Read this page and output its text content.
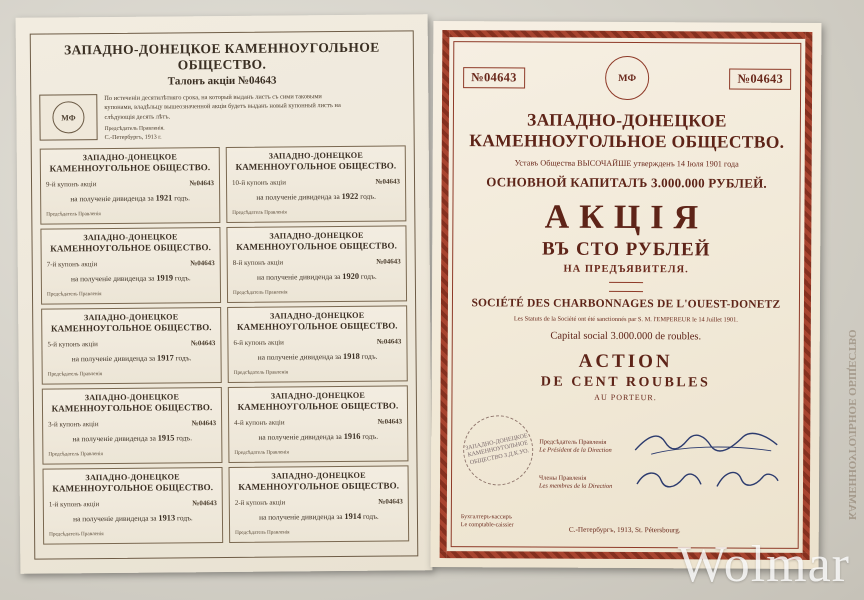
КАМЕННОУГОЛЬНОЕ ОБЩЕСТВО
ЗАПАДНО-ДОНЕЦКОЕ КАМЕННОУГОЛЬНОЕ ОБЩЕСТВО.
Талонъ акціи №04643
МФ
По истеченіи десятилѣтняго срока, на который выданъ листъ съ сими таковыми
купонами, владѣльцу вышеозначенной акціи будетъ выданъ новый купонный листъ на
слѣдующія десять лѣтъ.
Предсѣдатель Правленія.
С.-Петербургъ, 1913 г.
ЗАПАДНО-ДОНЕЦКОЕ
КАМЕННОУГОЛЬНОЕ ОБЩЕСТВО.
9-й купонъ акціи	№04643
на полученіе дивиденда за 1921 годъ.
Предсѣдатель Правленія
ЗАПАДНО-ДОНЕЦКОЕ
КАМЕННОУГОЛЬНОЕ ОБЩЕСТВО.
10-й купонъ акціи	№04643
на полученіе дивиденда за 1922 годъ.
Предсѣдатель Правленія
ЗАПАДНО-ДОНЕЦКОЕ
КАМЕННОУГОЛЬНОЕ ОБЩЕСТВО.
7-й купонъ акціи	№04643
на полученіе дивиденда за 1919 годъ.
Предсѣдатель Правленія
ЗАПАДНО-ДОНЕЦКОЕ
КАМЕННОУГОЛЬНОЕ ОБЩЕСТВО.
8-й купонъ акціи	№04643
на полученіе дивиденда за 1920 годъ.
Предсѣдатель Правленія
ЗАПАДНО-ДОНЕЦКОЕ
КАМЕННОУГОЛЬНОЕ ОБЩЕСТВО.
5-й купонъ акціи	№04643
на полученіе дивиденда за 1917 годъ.
Предсѣдатель Правленія
ЗАПАДНО-ДОНЕЦКОЕ
КАМЕННОУГОЛЬНОЕ ОБЩЕСТВО.
6-й купонъ акціи	№04643
на полученіе дивиденда за 1918 годъ.
Предсѣдатель Правленія
ЗАПАДНО-ДОНЕЦКОЕ
КАМЕННОУГОЛЬНОЕ ОБЩЕСТВО.
3-й купонъ акціи	№04643
на полученіе дивиденда за 1915 годъ.
Предсѣдатель Правленія
ЗАПАДНО-ДОНЕЦКОЕ
КАМЕННОУГОЛЬНОЕ ОБЩЕСТВО.
4-й купонъ акціи	№04643
на полученіе дивиденда за 1916 годъ.
Предсѣдатель Правленія
ЗАПАДНО-ДОНЕЦКОЕ
КАМЕННОУГОЛЬНОЕ ОБЩЕСТВО.
1-й купонъ акціи	№04643
на полученіе дивиденда за 1913 годъ.
Предсѣдатель Правленія
ЗАПАДНО-ДОНЕЦКОЕ
КАМЕННОУГОЛЬНОЕ ОБЩЕСТВО.
2-й купонъ акціи	№04643
на полученіе дивиденда за 1914 годъ.
Предсѣдатель Правленія
№04643	МФ	№04643
ЗАПАДНО-ДОНЕЦКОЕ
КАМЕННОУГОЛЬНОЕ ОБЩЕСТВО.
Уставъ Общества ВЫСОЧАЙШЕ утвержденъ 14 Іюля 1901 года
ОСНОВНОЙ КАПИТАЛЪ 3.000.000 РУБЛЕЙ.
АКЦІЯ
ВЪ СТО РУБЛЕЙ
НА ПРЕДЪЯВИТЕЛЯ.
SOCIÉTÉ DES CHARBONNAGES DE L'OUEST-DONETZ
Les Statuts de la Société ont été sanctionnés par S. M. l'EMPEREUR le 14 Juillet 1901.
Capital social 3.000.000 de roubles.
ACTION
DE CENT ROUBLES
AU PORTEUR.
ЗАПАДНО-ДОНЕЦКОЕ КАМЕННОУГОЛЬНОЕ ОБЩЕСТВО З.Д.К.УО.
Предсѣдатель Правленія
Le Président de la Direction
Члены Правленія
Les membres de la Direction
Бухгалтеръ-кассиръ
Le comptable-caissier
С.-Петербургъ, 1913, St. Pétersbourg.
Wolmar
